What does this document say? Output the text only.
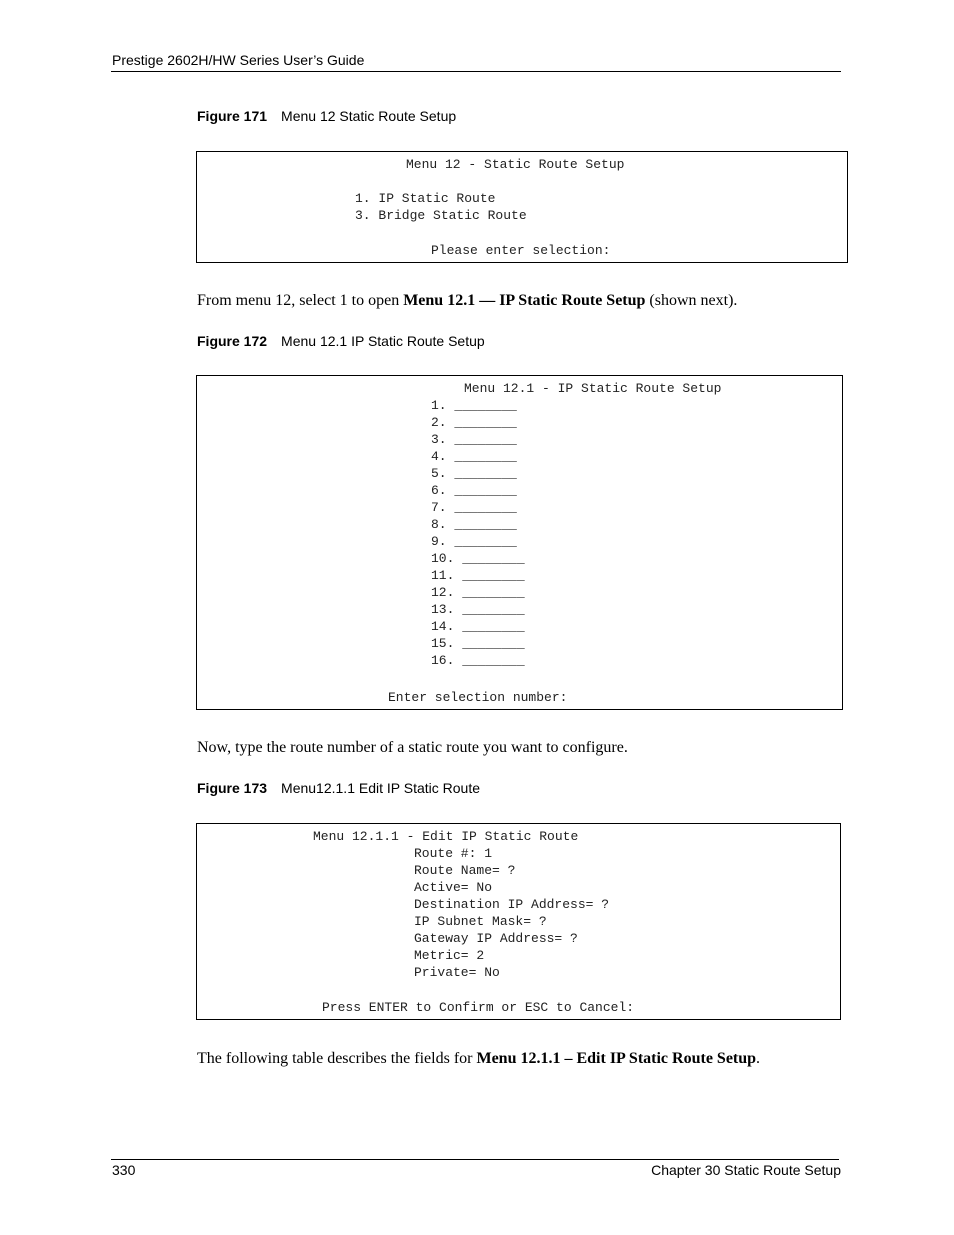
Prestige 2602H/HW Series User’s Guide
Figure 171 Menu 12 Static Route Setup
Menu 12 - Static Route Setup
1. IP Static Route
3. Bridge Static Route
Please enter selection:
From menu 12, select 1 to open Menu 12.1 — IP Static Route Setup (shown next).
Figure 172 Menu 12.1 IP Static Route Setup
Menu 12.1 - IP Static Route Setup
1. ________
2. ________
3. ________
4. ________
5. ________
6. ________
7. ________
8. ________
9. ________
10. ________
11. ________
12. ________
13. ________
14. ________
15. ________
16. ________
Enter selection number:
Now, type the route number of a static route you want to configure.
Figure 173 Menu12.1.1 Edit IP Static Route
Menu 12.1.1 - Edit IP Static Route
Route #: 1
Route Name= ?
Active= No
Destination IP Address= ?
IP Subnet Mask= ?
Gateway IP Address= ?
Metric= 2
Private= No
Press ENTER to Confirm or ESC to Cancel:
The following table describes the fields for Menu 12.1.1 – Edit IP Static Route Setup.
330	Chapter 30 Static Route Setup
